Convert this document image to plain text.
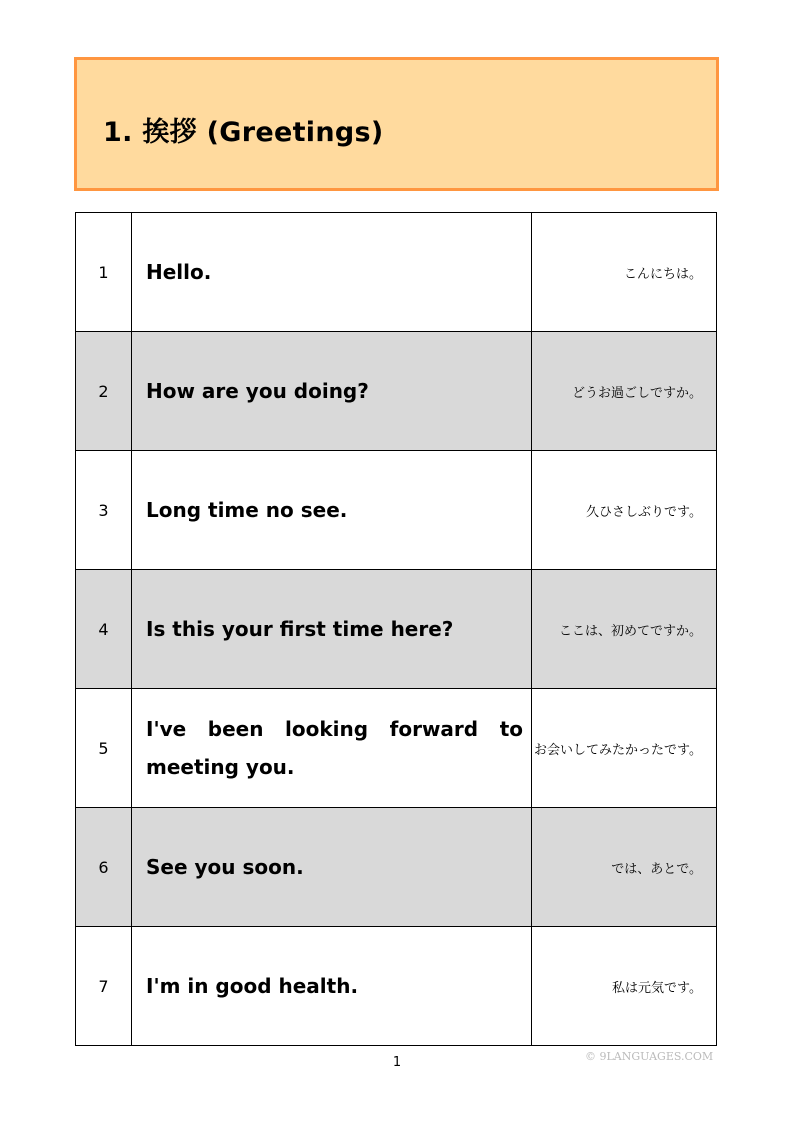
1. 挨拶 (Greetings)
1	Hello.	こんにちは。
2	How are you doing?	どうお過ごしですか。
3	Long time no see.	久ひさしぶりです。
4	Is this your first time here?	ここは、初めてですか。
5	I've been looking forward to meeting you.	お会いしてみたかったです。
6	See you soon.	では、あとで。
7	I'm in good health.	私は元気です。
1	© 9LANGUAGES.COM
